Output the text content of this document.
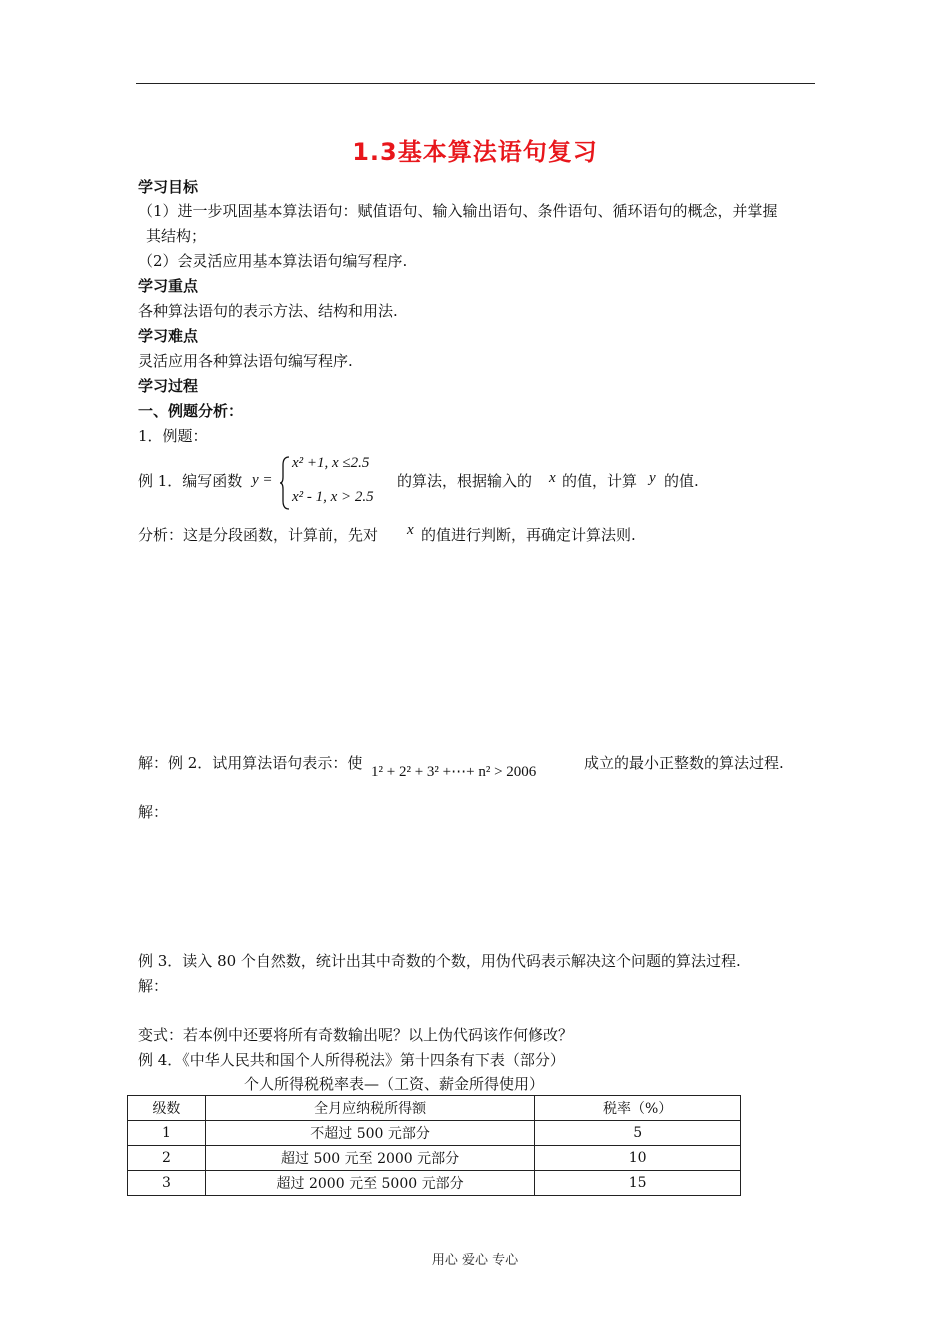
1.3基本算法语句复习
学习目标
（1）进一步巩固基本算法语句：赋值语句、输入输出语句、条件语句、循环语句的概念，并掌握
其结构；
（2）会灵活应用基本算法语句编写程序.
学习重点
各种算法语句的表示方法、结构和用法.
学习难点
灵活应用各种算法语句编写程序.
学习过程
一、例题分析：
1．例题：
例 1．编写函数 y =
x² +1, x ≤2.5
x² - 1, x > 2.5
的算法，根据输入的 x 的值，计算 y 的值.
分析：这是分段函数，计算前，先对 x 的值进行判断，再确定计算法则.
解：例 2．试用算法语句表示：使 1² + 2² + 3² +⋯+ n² > 2006	成立的最小正整数的算法过程.
解：
例 3．读入 80 个自然数，统计出其中奇数的个数，用伪代码表示解决这个问题的算法过程.
解：
变式：若本例中还要将所有奇数输出呢？以上伪代码该作何修改？
例 4．《中华人民共和国个人所得税法》第十四条有下表（部分）
个人所得税税率表—（工资、薪金所得使用）
级数	全月应纳税所得额	税率（%）
1	不超过 500 元部分	5
2	超过 500 元至 2000 元部分	10
3	超过 2000 元至 5000 元部分	15
用心 爱心 专心
